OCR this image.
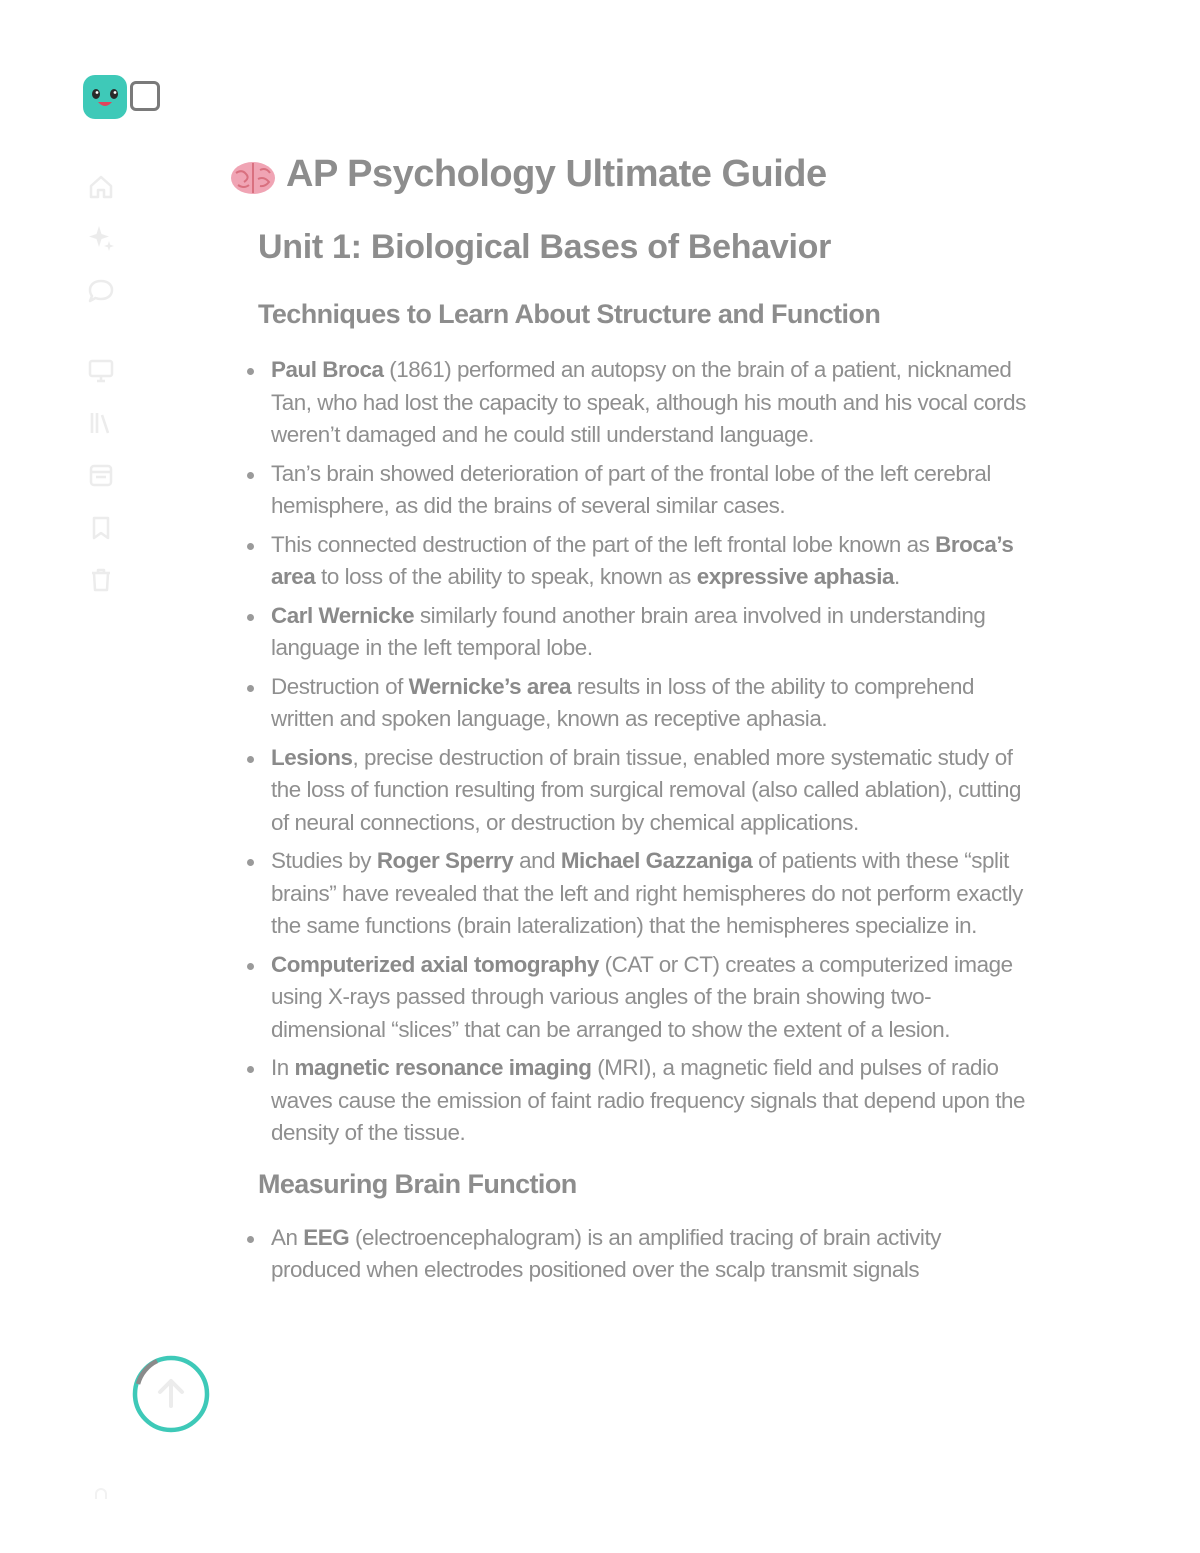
AP Psychology Ultimate Guide
Unit 1: Biological Bases of Behavior
Techniques to Learn About Structure and Function
Paul Broca (1861) performed an autopsy on the brain of a patient, nicknamed Tan, who had lost the capacity to speak, although his mouth and his vocal cords weren’t damaged and he could still understand language.
Tan’s brain showed deterioration of part of the frontal lobe of the left cerebral hemisphere, as did the brains of several similar cases.
This connected destruction of the part of the left frontal lobe known as Broca’s area to loss of the ability to speak, known as expressive aphasia.
Carl Wernicke similarly found another brain area involved in understanding language in the left temporal lobe.
Destruction of Wernicke’s area results in loss of the ability to comprehend written and spoken language, known as receptive aphasia.
Lesions, precise destruction of brain tissue, enabled more systematic study of the loss of function resulting from surgical removal (also called ablation), cutting of neural connections, or destruction by chemical applications.
Studies by Roger Sperry and Michael Gazzaniga of patients with these “split brains” have revealed that the left and right hemispheres do not perform exactly the same functions (brain lateralization) that the hemispheres specialize in.
Computerized axial tomography (CAT or CT) creates a computerized image using X-rays passed through various angles of the brain showing two-dimensional “slices” that can be arranged to show the extent of a lesion.
In magnetic resonance imaging (MRI), a magnetic field and pulses of radio waves cause the emission of faint radio frequency signals that depend upon the density of the tissue.
Measuring Brain Function
An EEG (electroencephalogram) is an amplified tracing of brain activity produced when electrodes positioned over the scalp transmit signals
